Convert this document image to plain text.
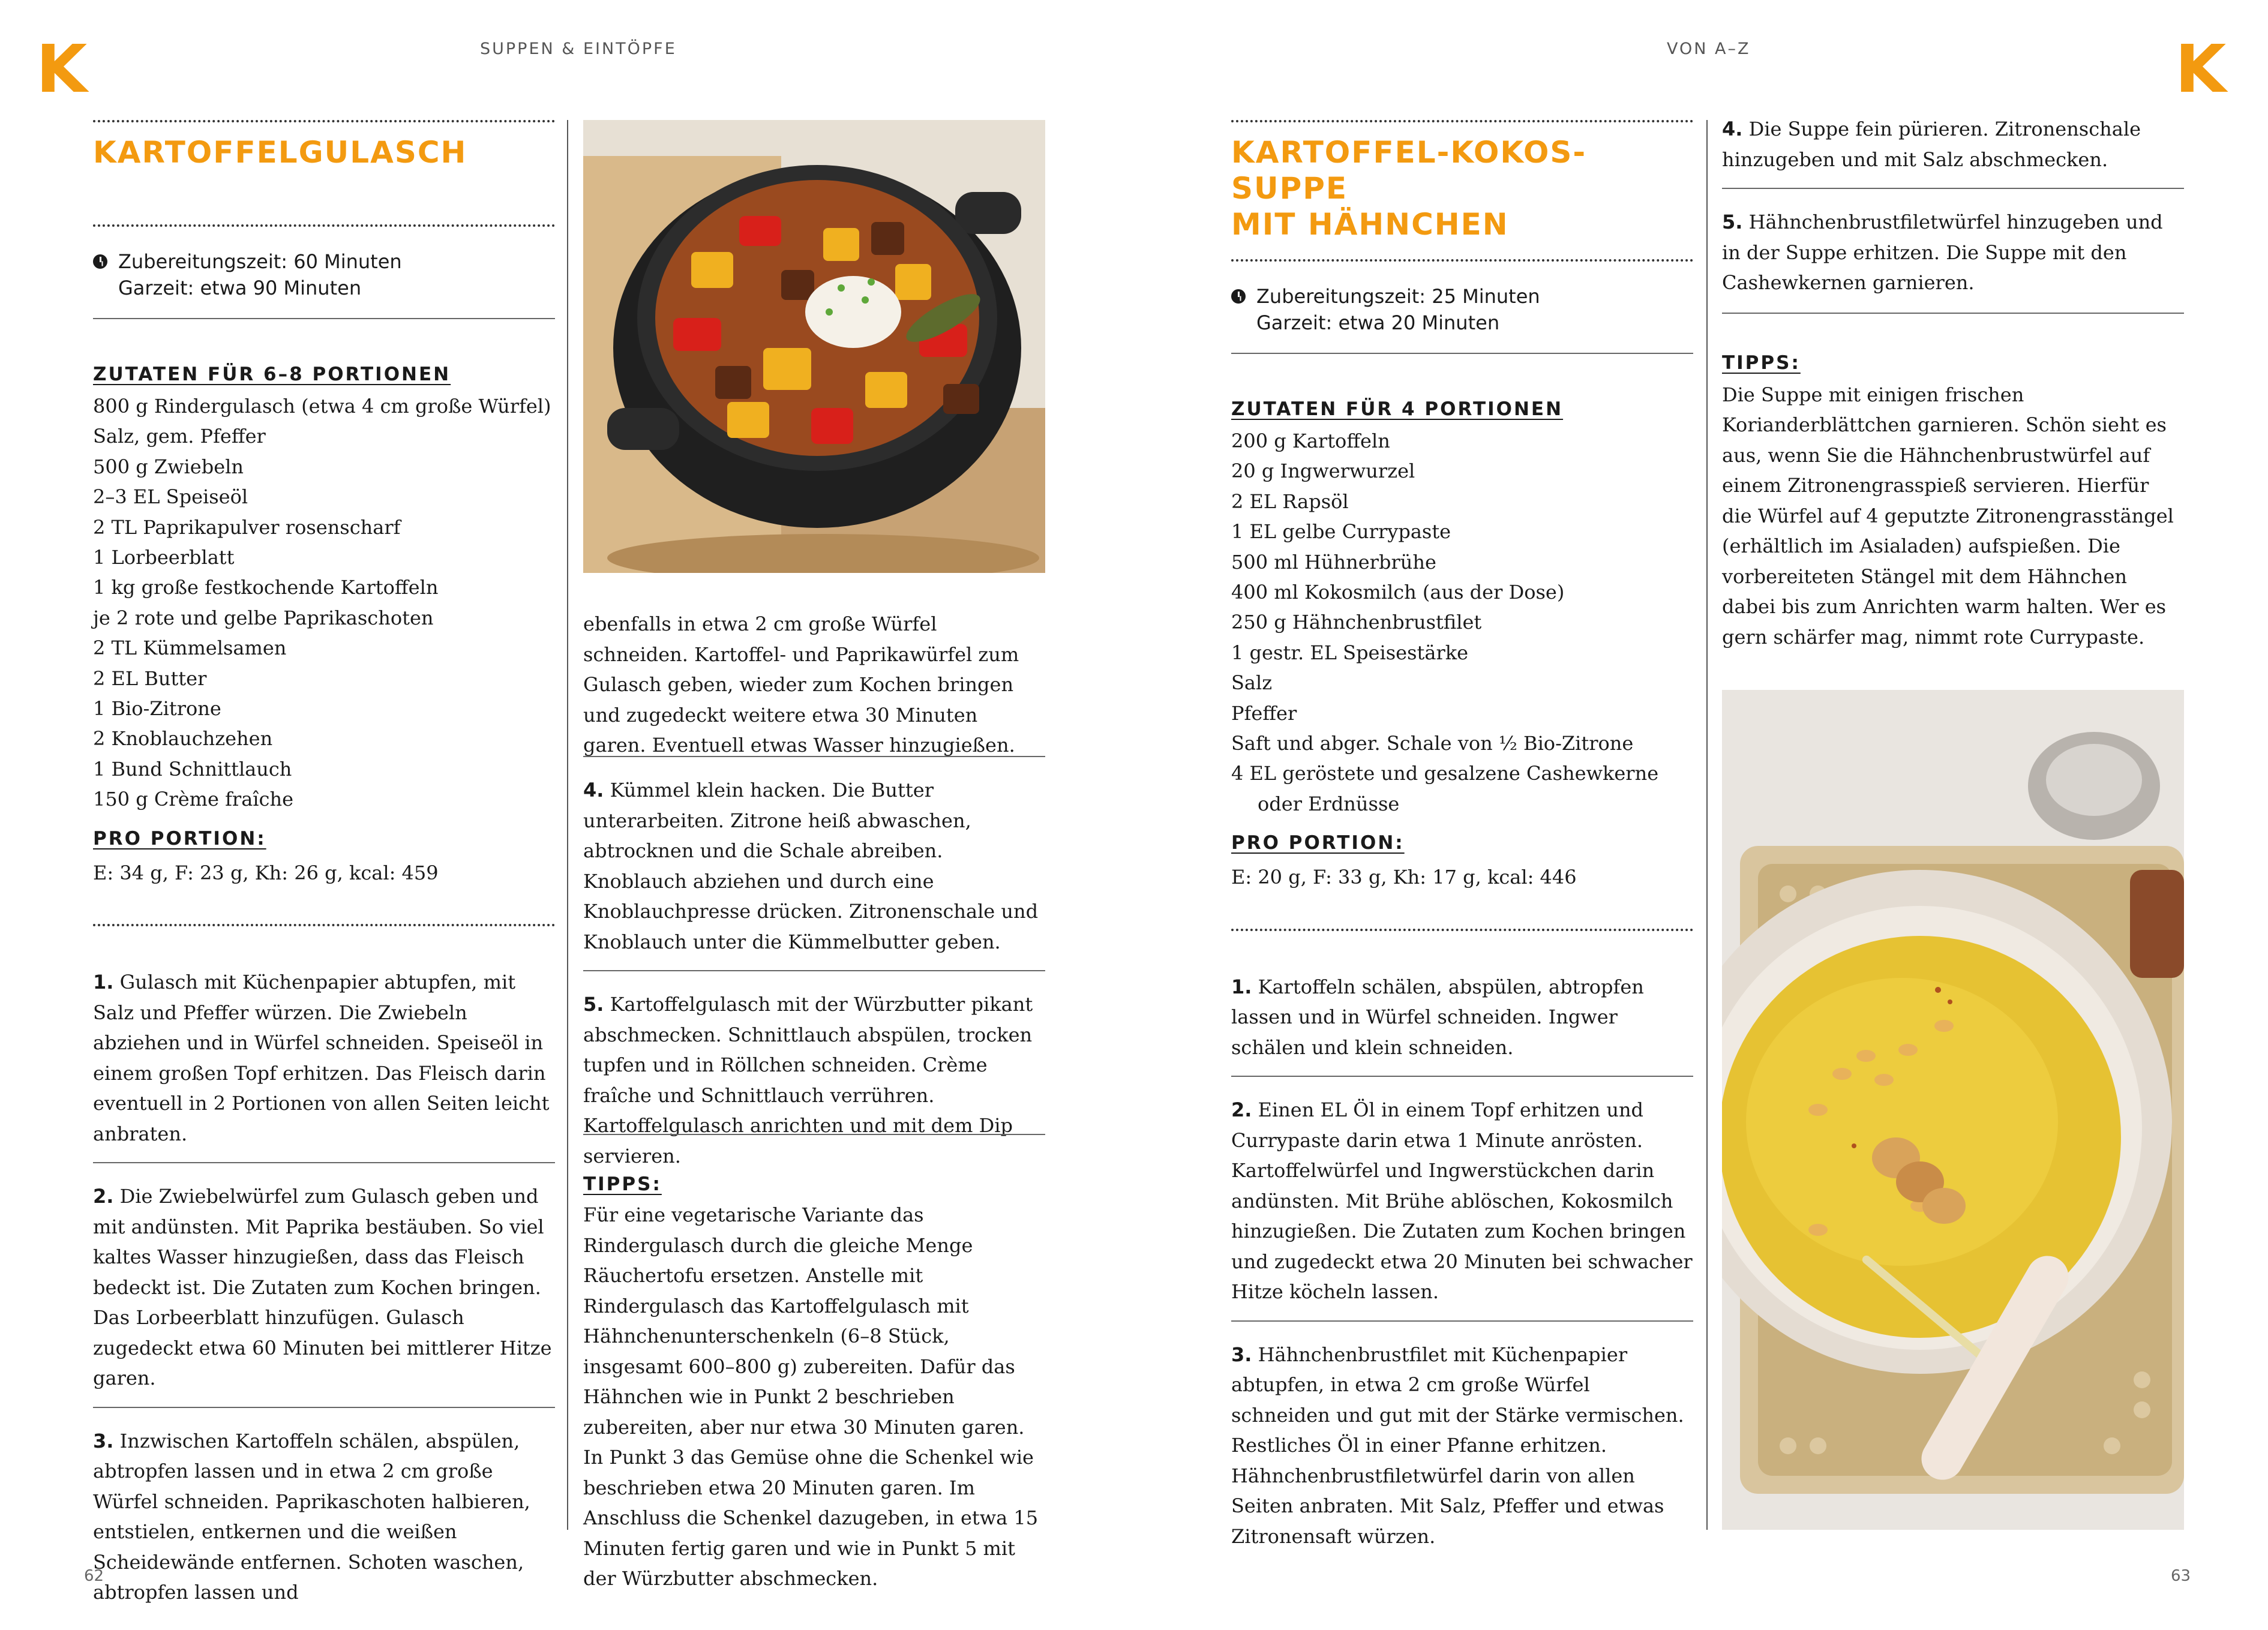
K	SUPPEN & EINTÖPFE
KARTOFFELGULASCH
Zubereitungszeit: 60 Minuten
Garzeit: etwa 90 Minuten
ZUTATEN FÜR 6–8 PORTIONEN
800 g Rindergulasch (etwa 4 cm große Würfel)
Salz, gem. Pfeffer
500 g Zwiebeln
2–3 EL Speiseöl
2 TL Paprikapulver rosenscharf
1 Lorbeerblatt
1 kg große festkochende Kartoffeln
je 2 rote und gelbe Paprikaschoten
2 TL Kümmelsamen
2 EL Butter
1 Bio-Zitrone
2 Knoblauchzehen
1 Bund Schnittlauch
150 g Crème fraîche
PRO PORTION:
E: 34 g, F: 23 g, Kh: 26 g, kcal: 459
1. Gulasch mit Küchenpapier abtupfen, mit Salz und Pfeffer würzen. Die Zwiebeln abziehen und in Würfel schneiden. Speiseöl in einem großen Topf erhitzen. Das Fleisch darin eventuell in 2 Portionen von allen Seiten leicht anbraten.
2. Die Zwiebelwürfel zum Gulasch geben und mit andünsten. Mit Paprika bestäuben. So viel kaltes Wasser hinzugießen, dass das Fleisch bedeckt ist. Die Zutaten zum Kochen bringen. Das Lorbeerblatt hinzufügen. Gulasch zugedeckt etwa 60 Minuten bei mittlerer Hitze garen.
3. Inzwischen Kartoffeln schälen, abspülen, abtropfen lassen und in etwa 2 cm große Würfel schneiden. Paprikaschoten halbieren, entstielen, entkernen und die weißen Scheidewände entfernen. Schoten waschen, abtropfen lassen und
ebenfalls in etwa 2 cm große Würfel schneiden. Kartoffel- und Paprikawürfel zum Gulasch geben, wieder zum Kochen bringen und zugedeckt weitere etwa 30 Minuten garen. Eventuell etwas Wasser hinzugießen.
4. Kümmel klein hacken. Die Butter unterarbeiten. Zitrone heiß abwaschen, abtrocknen und die Schale abreiben. Knoblauch abziehen und durch eine Knoblauchpresse drücken. Zitronenschale und Knoblauch unter die Kümmelbutter geben.
5. Kartoffelgulasch mit der Würzbutter pikant abschmecken. Schnittlauch abspülen, trocken tupfen und in Röllchen schneiden. Crème fraîche und Schnittlauch verrühren. Kartoffelgulasch anrichten und mit dem Dip servieren.
TIPPS:
Für eine vegetarische Variante das Rindergulasch durch die gleiche Menge Räuchertofu ersetzen. Anstelle mit Rindergulasch das Kartoffelgulasch mit Hähnchenunterschenkeln (6–8 Stück, insgesamt 600–800 g) zubereiten. Dafür das Hähnchen wie in Punkt 2 beschrieben zubereiten, aber nur etwa 30 Minuten garen. In Punkt 3 das Gemüse ohne die Schenkel wie beschrieben etwa 20 Minuten garen. Im Anschluss die Schenkel dazugeben, in etwa 15 Minuten fertig garen und wie in Punkt 5 mit der Würzbutter abschmecken.
62
K
VON A–Z
KARTOFFEL-KOKOS-SUPPE
MIT HÄHNCHEN
Zubereitungszeit: 25 Minuten
Garzeit: etwa 20 Minuten
ZUTATEN FÜR 4 PORTIONEN
200 g Kartoffeln
20 g Ingwerwurzel
2 EL Rapsöl
1 EL gelbe Currypaste
500 ml Hühnerbrühe
400 ml Kokosmilch (aus der Dose)
250 g Hähnchenbrustfilet
1 gestr. EL Speisestärke
Salz
Pfeffer
Saft und abger. Schale von ½ Bio-Zitrone
4 EL geröstete und gesalzene Cashewkerne oder Erdnüsse
PRO PORTION:
E: 20 g, F: 33 g, Kh: 17 g, kcal: 446
1. Kartoffeln schälen, abspülen, abtropfen lassen und in Würfel schneiden. Ingwer schälen und klein schneiden.
2. Einen EL Öl in einem Topf erhitzen und Currypaste darin etwa 1 Minute anrösten. Kartoffelwürfel und Ingwerstückchen darin andünsten. Mit Brühe ablöschen, Kokosmilch hinzugießen. Die Zutaten zum Kochen bringen und zugedeckt etwa 20 Minuten bei schwacher Hitze köcheln lassen.
3. Hähnchenbrustfilet mit Küchenpapier abtupfen, in etwa 2 cm große Würfel schneiden und gut mit der Stärke vermischen. Restliches Öl in einer Pfanne erhitzen. Hähnchenbrustfiletwürfel darin von allen Seiten anbraten. Mit Salz, Pfeffer und etwas Zitronensaft würzen.
4. Die Suppe fein pürieren. Zitronenschale hinzugeben und mit Salz abschmecken.
5. Hähnchenbrustfiletwürfel hinzugeben und in der Suppe erhitzen. Die Suppe mit den Cashewkernen garnieren.
TIPPS:
Die Suppe mit einigen frischen Korianderblättchen garnieren. Schön sieht es aus, wenn Sie die Hähnchenbrustwürfel auf einem Zitronengrasspieß servieren. Hierfür die Würfel auf 4 geputzte Zitronengrasstängel (erhältlich im Asialaden) aufspießen. Die vorbereiteten Stängel mit dem Hähnchen dabei bis zum Anrichten warm halten. Wer es gern schärfer mag, nimmt rote Currypaste.
63
